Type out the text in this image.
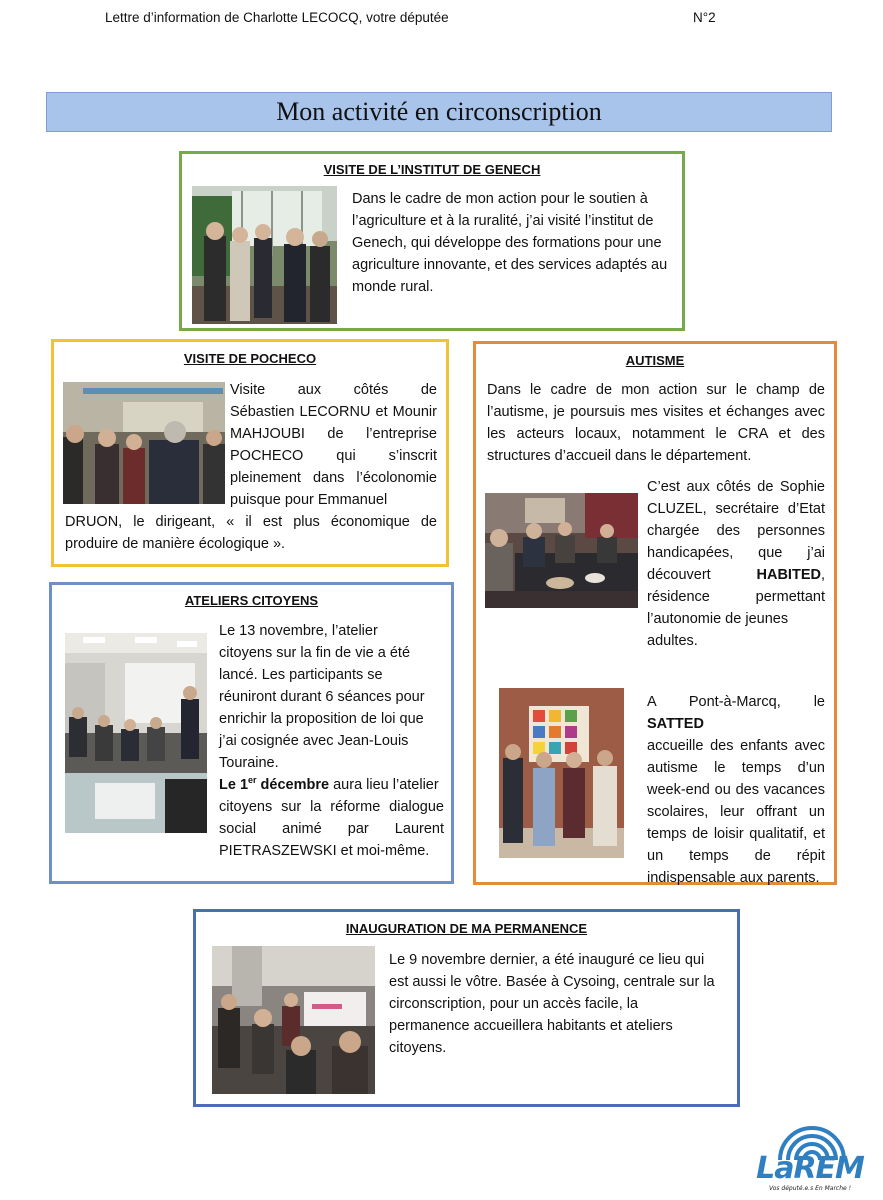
Lettre d’information de Charlotte LECOCQ, votre députée	N°2
Mon activité en circonscription
VISITE DE L’INSTITUT DE GENECH
Dans le cadre de mon action pour le soutien à
l’agriculture et à la ruralité, j’ai visité l’institut de
Genech, qui développe des formations pour une
agriculture innovante, et des services adaptés au
monde rural.
VISITE DE POCHECO
Visite aux côtés de
Sébastien LECORNU et Mounir
MAHJOUBI de l’entreprise
POCHECO qui s’inscrit
pleinement dans l’écolonomie
puisque pour Emmanuel
DRUON, le dirigeant, « il est plus économique de
produire de manière écologique ».
AUTISME
Dans le cadre de mon action sur le champ de
l’autisme, je poursuis mes visites et échanges avec
les acteurs locaux, notamment le CRA et des
structures d’accueil dans le département.
C’est aux côtés de Sophie
CLUZEL, secrétaire d’Etat
chargée des personnes
handicapées, que j’ai
découvert	HABITED,
résidence permettant
l’autonomie de jeunes
adultes.
A Pont-à-Marcq, le SATTED
accueille des enfants avec
autisme le temps d’un
week-end ou des vacances
scolaires, leur offrant un
temps de loisir qualitatif, et
un temps de répit
indispensable aux parents.
ATELIERS CITOYENS
Le 13 novembre, l’atelier
citoyens sur la fin de vie a été
lancé. Les participants se
réuniront durant 6 séances pour
enrichir la proposition de loi que
j’ai cosignée avec Jean-Louis
Touraine.
Le 1er décembre aura lieu l’atelier
citoyens sur la réforme dialogue
social animé par Laurent
PIETRASZEWSKI et moi-même.
INAUGURATION DE MA PERMANENCE
Le 9 novembre dernier, a été inauguré ce lieu qui
est aussi le vôtre. Basée à Cysoing, centrale sur la
circonscription, pour un accès facile, la
permanence accueillera habitants et ateliers
citoyens.
LaREM
Vos député.e.s En Marche !
